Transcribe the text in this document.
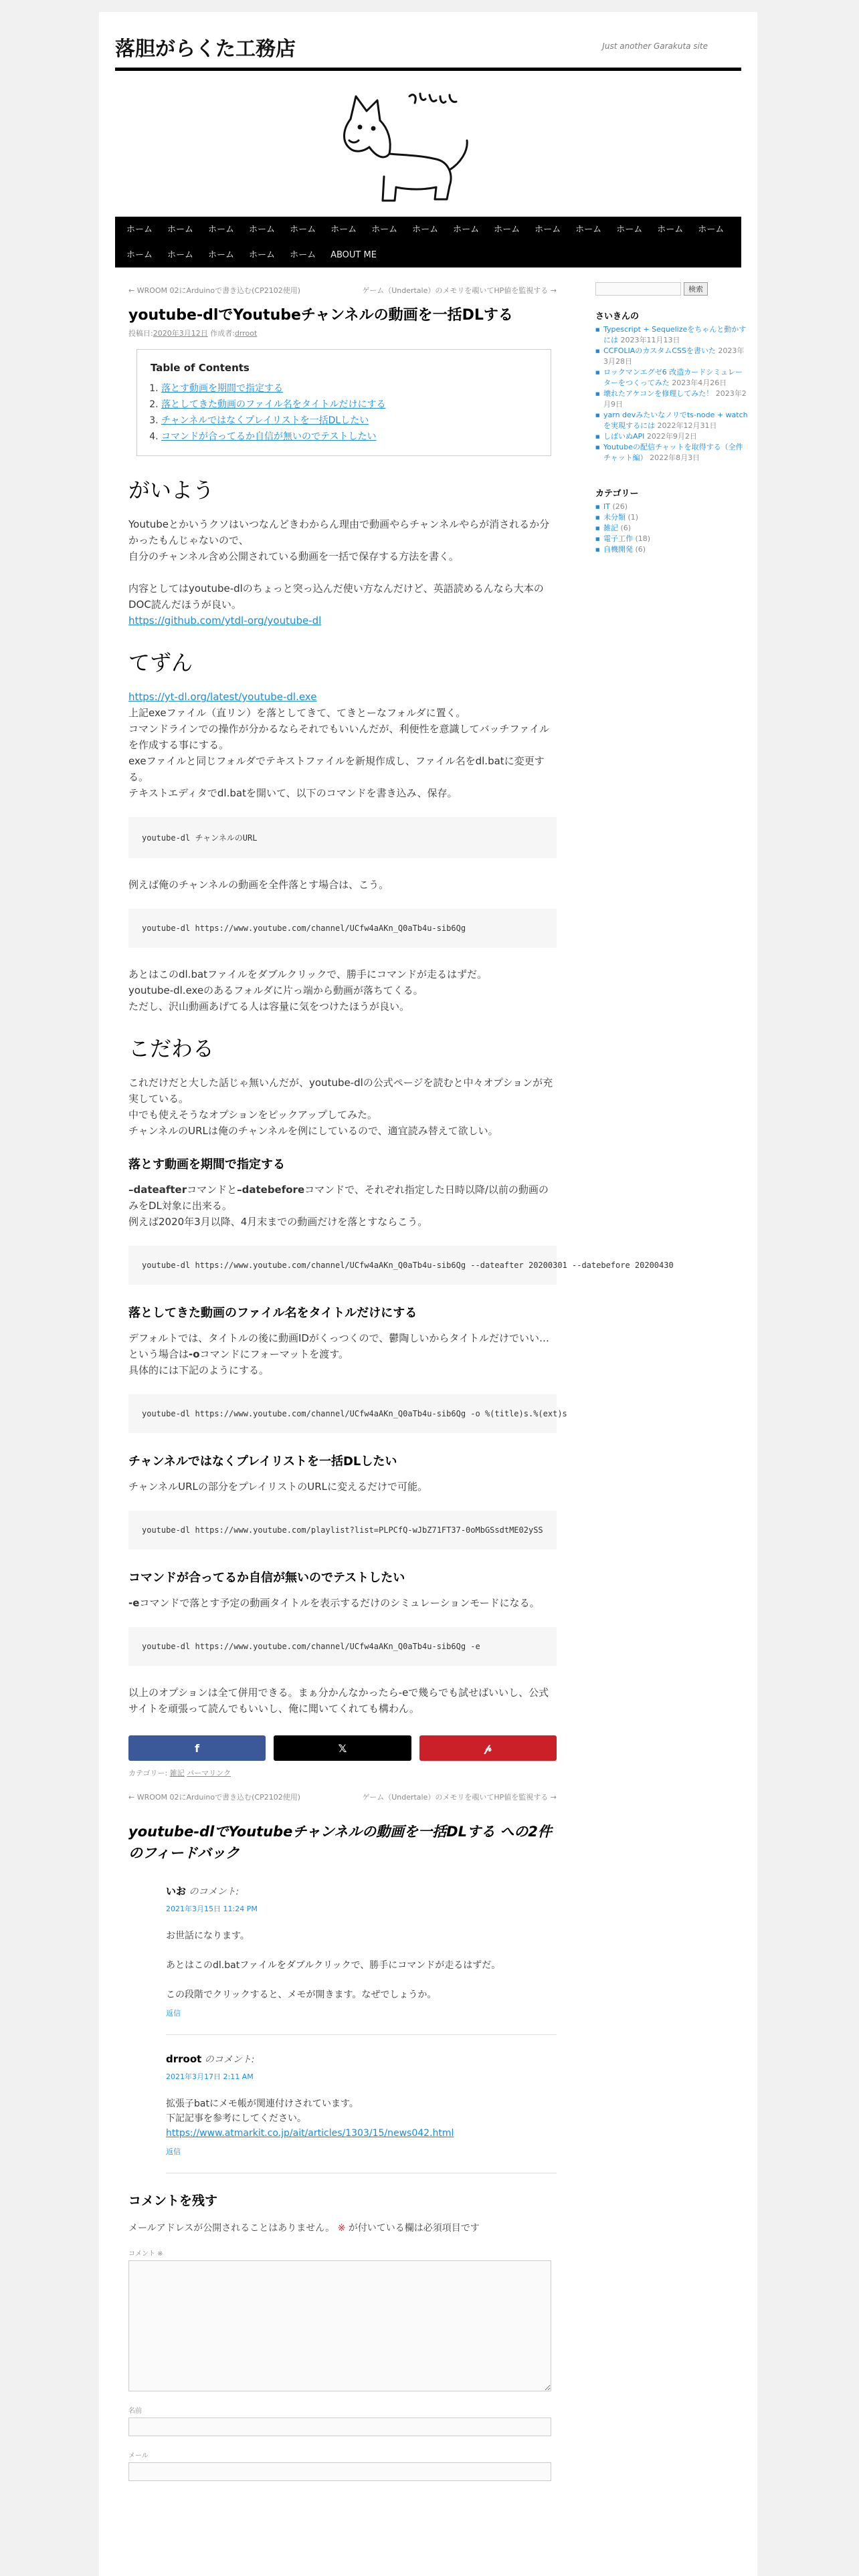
落胆がらくた工務店	Just another Garakuta site
ホーム	ホーム	ホーム	ホーム	ホーム	ホーム	ホーム	ホーム	ホーム	ホーム	ホーム	ホーム	ホーム	ホーム	ホーム
ホーム	ホーム	ホーム	ホーム	ホーム	ABOUT ME
← WROOM 02にArduinoで書き込む(CP2102使用)	ゲーム（Undertale）のメモリを覗いてHP値を監視する →
youtube-dlでYoutubeチャンネルの動画を一括DLする
投稿日:2020年3月12日 作成者:drroot
Table of Contents
1. 落とす動画を期間で指定する
2. 落としてきた動画のファイル名をタイトルだけにする
3. チャンネルではなくプレイリストを一括DLしたい
4. コマンドが合ってるか自信が無いのでテストしたい
がいよう

Youtubeとかいうクソはいつなんどきわからん理由で動画やらチャンネルやらが消されるか分かったもんじゃないので、
自分のチャンネル含め公開されている動画を一括で保存する方法を書く。

内容としてはyoutube-dlのちょっと突っ込んだ使い方なんだけど、英語読めるんなら大本のDOC読んだほうが良い。
https://github.com/ytdl-org/youtube-dl

てずん

https://yt-dl.org/latest/youtube-dl.exe
上記exeファイル（直リン）を落としてきて、てきとーなフォルダに置く。
コマンドラインでの操作が分かるならそれでもいいんだが、利便性を意識してバッチファイルを作成する事にする。
exeファイルと同じフォルダでテキストファイルを新規作成し、ファイル名をdl.batに変更する。
テキストエディタでdl.batを開いて、以下のコマンドを書き込み、保存。

youtube-dl チャンネルのURL

例えば俺のチャンネルの動画を全件落とす場合は、こう。

youtube-dl https://www.youtube.com/channel/UCfw4aAKn_Q0aTb4u-sib6Qg

あとはこのdl.batファイルをダブルクリックで、勝手にコマンドが走るはずだ。
youtube-dl.exeのあるフォルダに片っ端から動画が落ちてくる。
ただし、沢山動画あげてる人は容量に気をつけたほうが良い。

こだわる

これだけだと大した話じゃ無いんだが、youtube-dlの公式ページを読むと中々オプションが充実している。
中でも使えそうなオプションをピックアップしてみた。
チャンネルのURLは俺のチャンネルを例にしているので、適宜読み替えて欲しい。

落とす動画を期間で指定する

–dateafterコマンドと–datebeforeコマンドで、それぞれ指定した日時以降/以前の動画のみをDL対象に出来る。
例えば2020年3月以降、4月末までの動画だけを落とすならこう。

youtube-dl https://www.youtube.com/channel/UCfw4aAKn_Q0aTb4u-sib6Qg --dateafter 20200301 --datebefore 20200430
落としてきた動画のファイル名をタイトルだけにする

デフォルトでは、タイトルの後に動画IDがくっつくので、鬱陶しいからタイトルだけでいい…という場合は-oコマンドにフォーマットを渡す。
具体的には下記のようにする。

youtube-dl https://www.youtube.com/channel/UCfw4aAKn_Q0aTb4u-sib6Qg -o %(title)s.%(ext)s
チャンネルではなくプレイリストを一括DLしたい

チャンネルURLの部分をプレイリストのURLに変えるだけで可能。

youtube-dl https://www.youtube.com/playlist?list=PLPCfQ-wJbZ71FT37-0oMbGSsdtME02ySS
コマンドが合ってるか自信が無いのでテストしたい

-eコマンドで落とす予定の動画タイトルを表示するだけのシミュレーションモードになる。

youtube-dl https://www.youtube.com/channel/UCfw4aAKn_Q0aTb4u-sib6Qg -e

以上のオプションは全て併用できる。まぁ分かんなかったら-eで幾らでも試せばいいし、公式サイトを頑張って読んでもいいし、俺に聞いてくれても構わん。

f	𝕏	𝓅
カテゴリー: 雑記 パーマリンク
← WROOM 02にArduinoで書き込む(CP2102使用)	ゲーム（Undertale）のメモリを覗いてHP値を監視する →
youtube-dlでYoutubeチャンネルの動画を一括DLする への2件のフィードバック
いお のコメント:
2021年3月15日 11:24 PM
お世話になります。

あとはこのdl.batファイルをダブルクリックで、勝手にコマンドが走るはずだ。

この段階でクリックすると、メモが開きます。なぜでしょうか。
返信
drroot のコメント:
2021年3月17日 2:11 AM
拡張子batにメモ帳が関連付けされています。
下記記事を参考にしてください。
https://www.atmarkit.co.jp/ait/articles/1303/15/news042.html
返信
コメントを残す
メールアドレスが公開されることはありません。 ※ が付いている欄は必須項目です
コメント ※
名前
メール
検索
さいきんの
■ Typescript + Sequelizeをちゃんと動かすには 2023年11月13日
■ CCFOLIAのカスタムCSSを書いた 2023年3月28日
■ ロックマンエグゼ6 改造カードシミュレーターをつくってみた 2023年4月26日
■ 壊れたアケコンを修理してみた！ 2023年2月9日
■ yarn devみたいなノリでts-node + watchを実現するには 2022年12月31日
■ しばいぬAPI 2022年9月2日
■ Youtubeの配信チャットを取得する（全件チャット編） 2022年8月3日
カテゴリー
■ IT (26)
■ 未分類 (1)
■ 雑記 (6)
■ 電子工作 (18)
■ 自機開発 (6)
